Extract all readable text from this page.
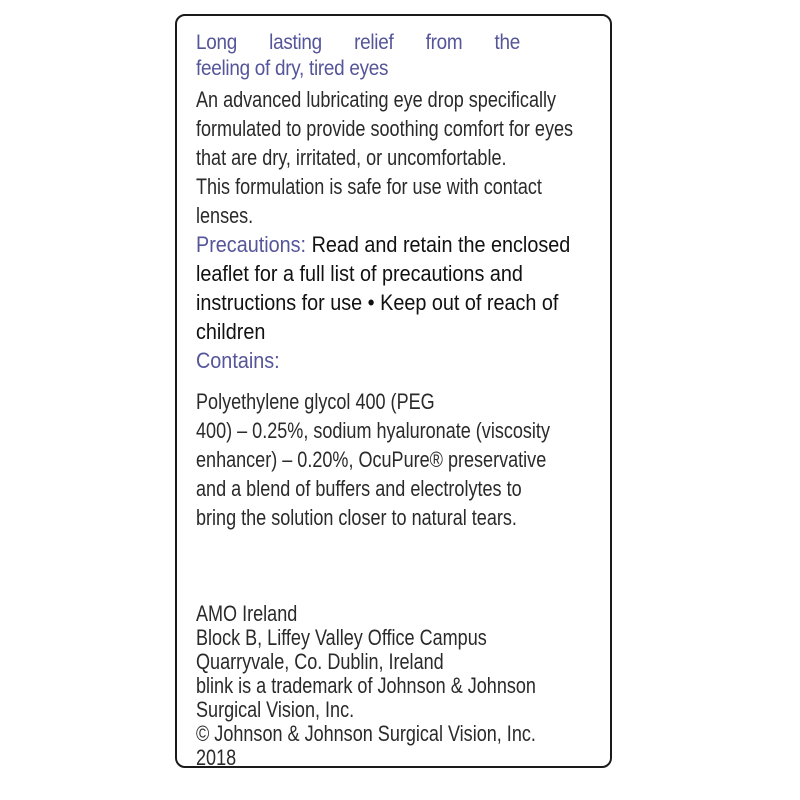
Long lasting relief from the
feeling of dry, tired eyes
An advanced lubricating eye drop specifically
formulated to provide soothing comfort for eyes
that are dry, irritated, or uncomfortable.
This formulation is safe for use with contact
lenses.
Precautions: Read and retain the enclosed
leaflet for a full list of precautions and
instructions for use • Keep out of reach of
children
Contains:
Polyethylene glycol 400 (PEG
400) – 0.25%, sodium hyaluronate (viscosity
enhancer) – 0.20%, OcuPure® preservative
and a blend of buffers and electrolytes to
bring the solution closer to natural tears.
AMO Ireland
Block B, Liffey Valley Office Campus
Quarryvale, Co. Dublin, Ireland
blink is a trademark of Johnson & Johnson
Surgical Vision, Inc.
© Johnson & Johnson Surgical Vision, Inc.
2018
